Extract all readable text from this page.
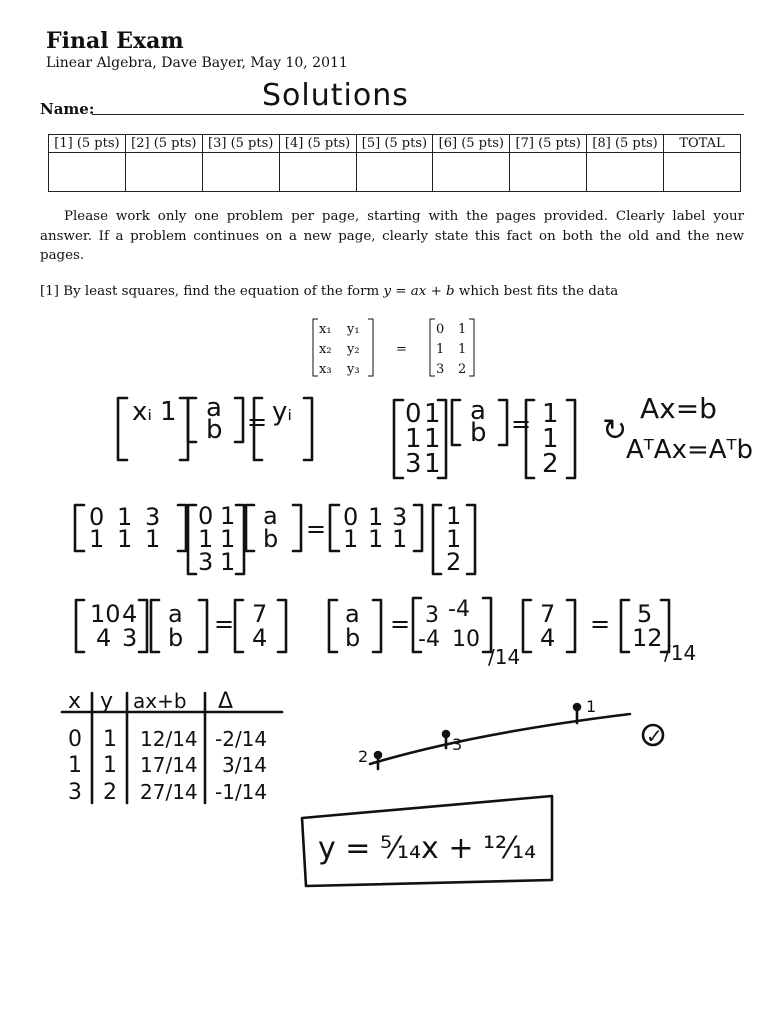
Final Exam
Linear Algebra, Dave Bayer, May 10, 2011
Name:	Solutions
[1] (5 pts)	[2] (5 pts)	[3] (5 pts)	[4] (5 pts)	[5] (5 pts)	[6] (5 pts)	[7] (5 pts)	[8] (5 pts)	TOTAL

Please work only one problem per page, starting with the pages provided. Clearly label your answer. If a problem continues on a new page, clearly state this fact on both the old and the new pages.
[1] By least squares, find the equation of the form y = ax + b which best fits the data
x₁ y₁
x₂ y₂
x₃ y₃
=
0 1
1 1
3 2
xᵢ 1 a
b = yᵢ	0 1
1 1
3 1
a
b = 1
1
2
Ax=b
AᵀAx=Aᵀb
↻
0 1 3
1 1 1
0 1
1 1
3 1
a
b = 0 1 3
1 1 1
1
1
2
10 4
4 3
a
b = 7
4
a
b = 3 -4
-4 10
/14
7
4 = 5
12
/14
x y ax+b Δ
0 1 12/14 -2/14
1 1 17/14 3/14
3 2 27/14 -1/14
2
3
1
✓
y = ⁵⁄₁₄x + ¹²⁄₁₄
